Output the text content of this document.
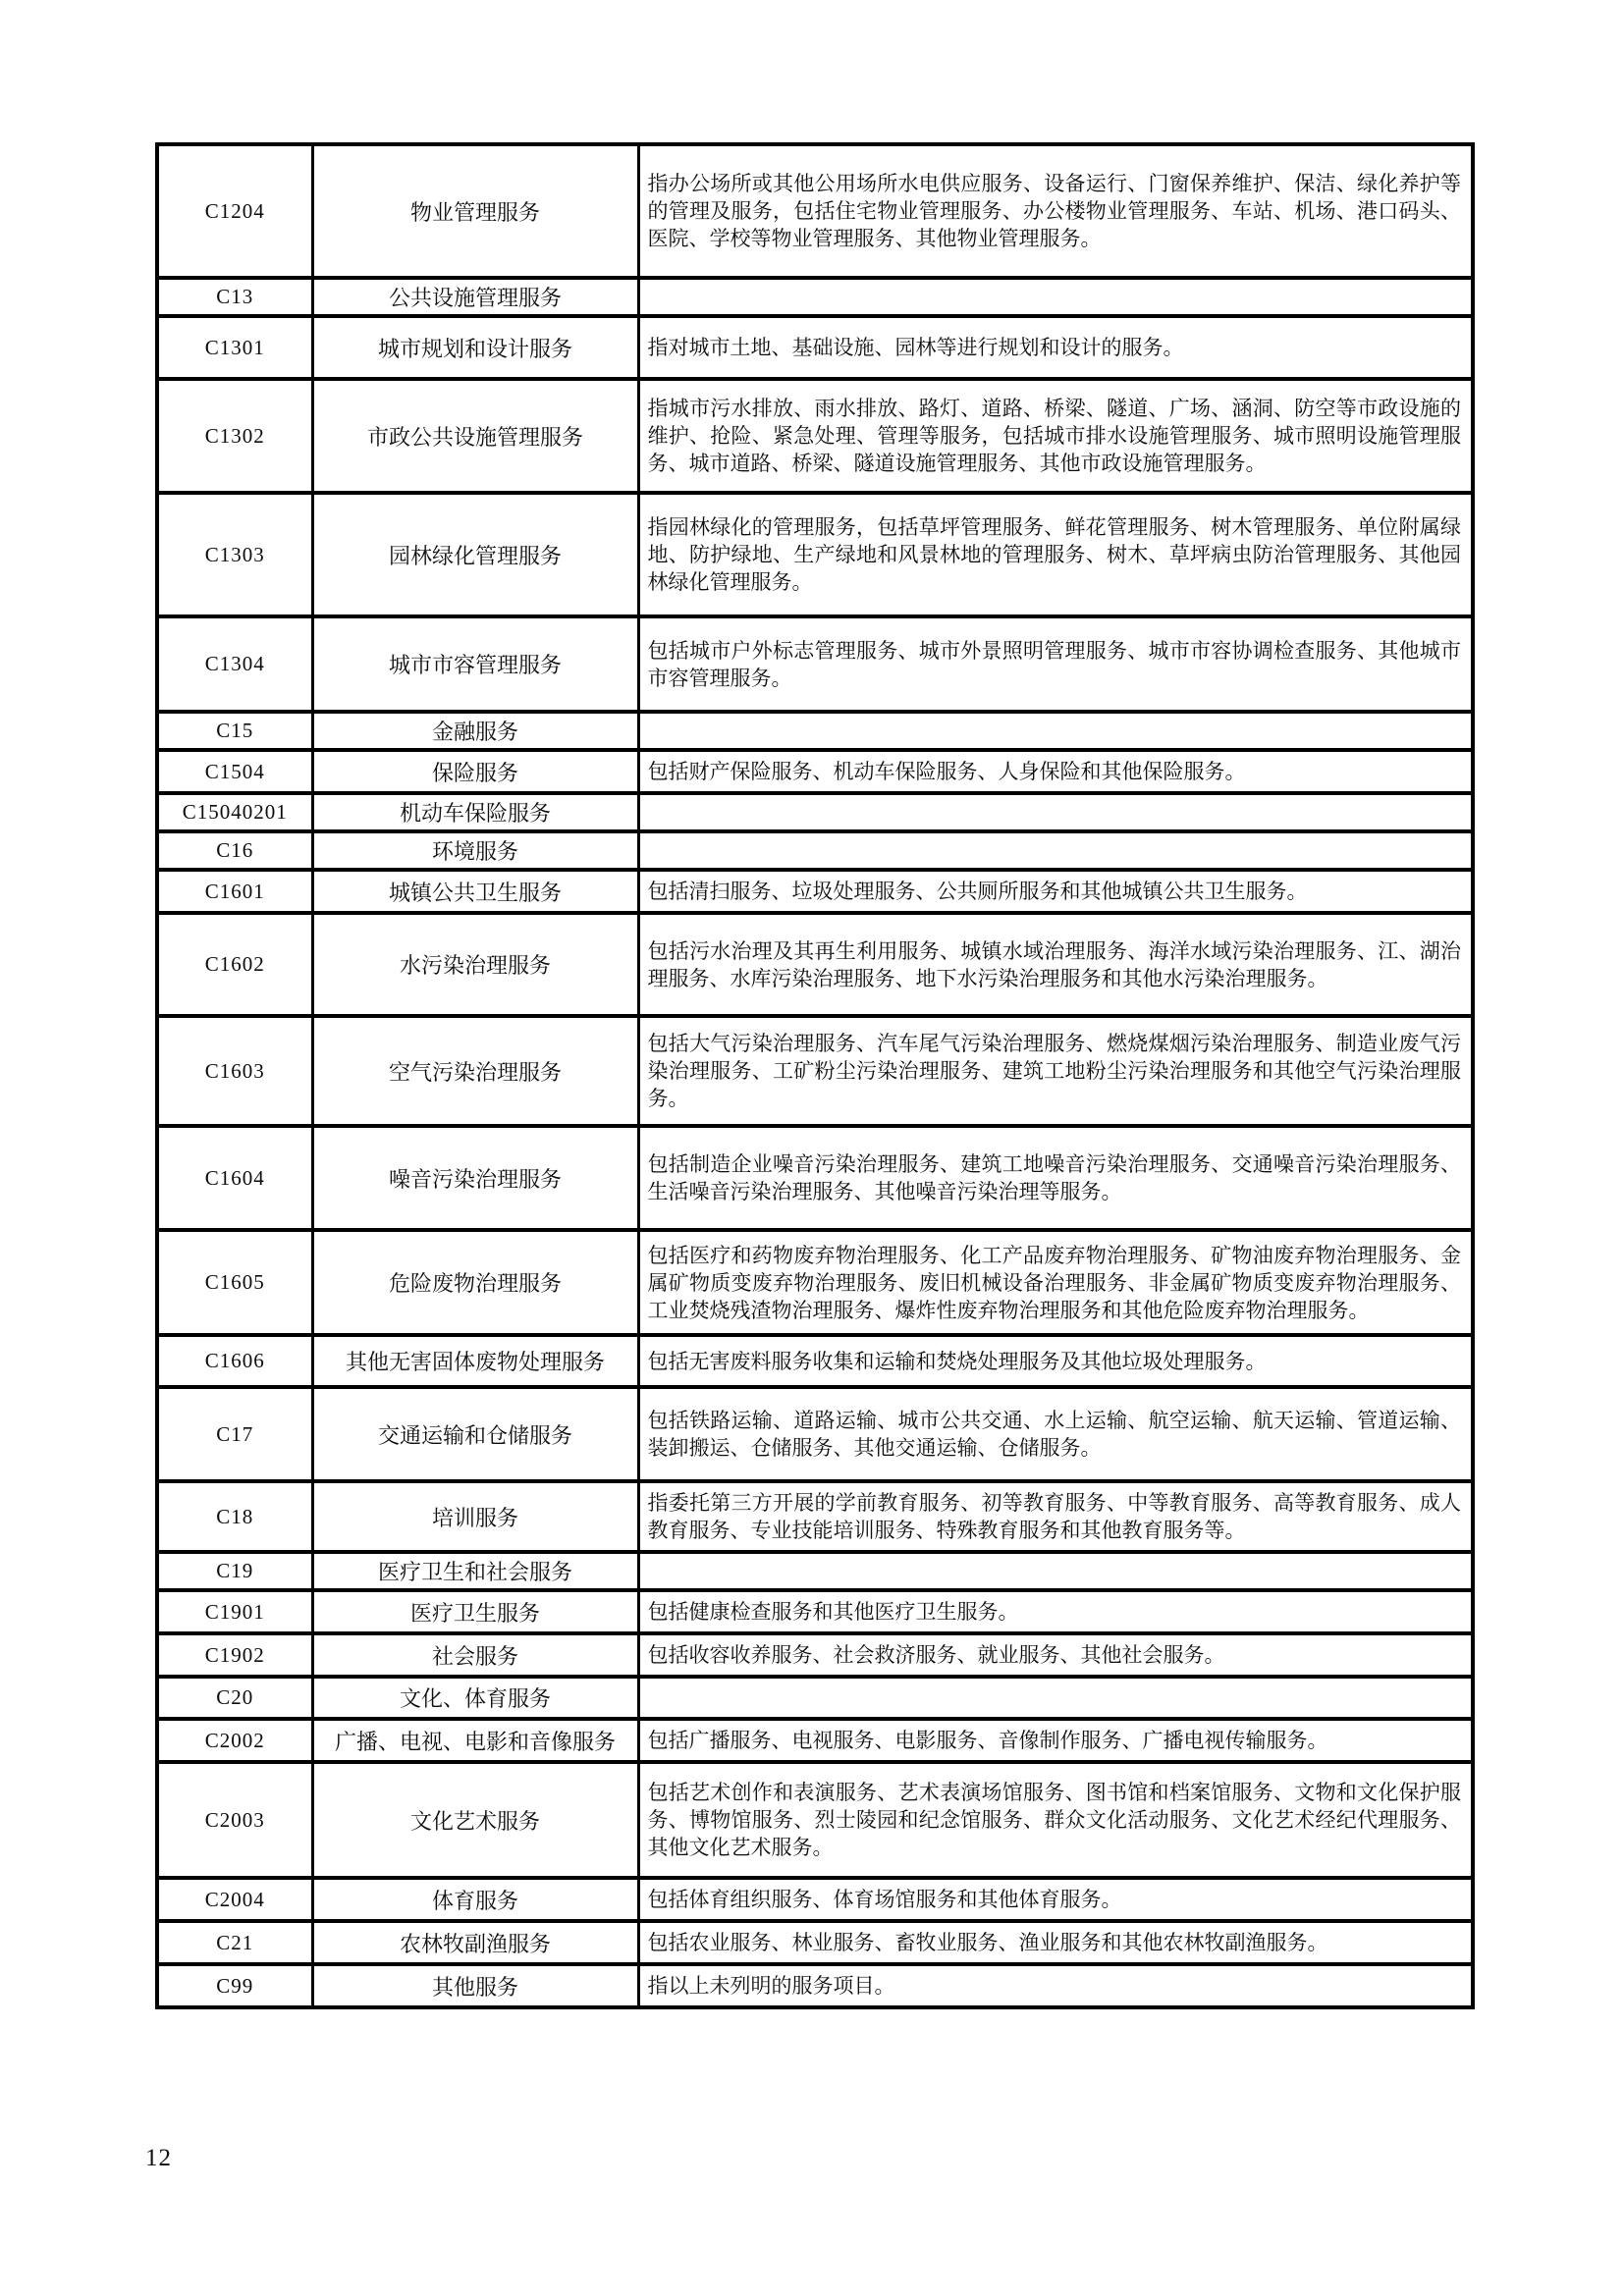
C1204	物业管理服务	指办公场所或其他公用场所水电供应服务、设备运行、门窗保养维护、保洁、绿化养护等的管理及服务，包括住宅物业管理服务、办公楼物业管理服务、车站、机场、港口码头、医院、学校等物业管理服务、其他物业管理服务。
C13	公共设施管理服务	
C1301	城市规划和设计服务	指对城市土地、基础设施、园林等进行规划和设计的服务。
C1302	市政公共设施管理服务	指城市污水排放、雨水排放、路灯、道路、桥梁、隧道、广场、涵洞、防空等市政设施的维护、抢险、紧急处理、管理等服务，包括城市排水设施管理服务、城市照明设施管理服务、城市道路、桥梁、隧道设施管理服务、其他市政设施管理服务。
C1303	园林绿化管理服务	指园林绿化的管理服务，包括草坪管理服务、鲜花管理服务、树木管理服务、单位附属绿地、防护绿地、生产绿地和风景林地的管理服务、树木、草坪病虫防治管理服务、其他园林绿化管理服务。
C1304	城市市容管理服务	包括城市户外标志管理服务、城市外景照明管理服务、城市市容协调检查服务、其他城市市容管理服务。
C15	金融服务	
C1504	保险服务	包括财产保险服务、机动车保险服务、人身保险和其他保险服务。
C15040201	机动车保险服务	
C16	环境服务	
C1601	城镇公共卫生服务	包括清扫服务、垃圾处理服务、公共厕所服务和其他城镇公共卫生服务。
C1602	水污染治理服务	包括污水治理及其再生利用服务、城镇水域治理服务、海洋水域污染治理服务、江、湖治理服务、水库污染治理服务、地下水污染治理服务和其他水污染治理服务。
C1603	空气污染治理服务	包括大气污染治理服务、汽车尾气污染治理服务、燃烧煤烟污染治理服务、制造业废气污染治理服务、工矿粉尘污染治理服务、建筑工地粉尘污染治理服务和其他空气污染治理服务。
C1604	噪音污染治理服务	包括制造企业噪音污染治理服务、建筑工地噪音污染治理服务、交通噪音污染治理服务、生活噪音污染治理服务、其他噪音污染治理等服务。
C1605	危险废物治理服务	包括医疗和药物废弃物治理服务、化工产品废弃物治理服务、矿物油废弃物治理服务、金属矿物质变废弃物治理服务、废旧机械设备治理服务、非金属矿物质变废弃物治理服务、工业焚烧残渣物治理服务、爆炸性废弃物治理服务和其他危险废弃物治理服务。
C1606	其他无害固体废物处理服务	包括无害废料服务收集和运输和焚烧处理服务及其他垃圾处理服务。
C17	交通运输和仓储服务	包括铁路运输、道路运输、城市公共交通、水上运输、航空运输、航天运输、管道运输、装卸搬运、仓储服务、其他交通运输、仓储服务。
C18	培训服务	指委托第三方开展的学前教育服务、初等教育服务、中等教育服务、高等教育服务、成人教育服务、专业技能培训服务、特殊教育服务和其他教育服务等。
C19	医疗卫生和社会服务	
C1901	医疗卫生服务	包括健康检查服务和其他医疗卫生服务。
C1902	社会服务	包括收容收养服务、社会救济服务、就业服务、其他社会服务。
C20	文化、体育服务	
C2002	广播、电视、电影和音像服务	包括广播服务、电视服务、电影服务、音像制作服务、广播电视传输服务。
C2003	文化艺术服务	包括艺术创作和表演服务、艺术表演场馆服务、图书馆和档案馆服务、文物和文化保护服务、博物馆服务、烈士陵园和纪念馆服务、群众文化活动服务、文化艺术经纪代理服务、其他文化艺术服务。
C2004	体育服务	包括体育组织服务、体育场馆服务和其他体育服务。
C21	农林牧副渔服务	包括农业服务、林业服务、畜牧业服务、渔业服务和其他农林牧副渔服务。
C99	其他服务	指以上未列明的服务项目。
12
